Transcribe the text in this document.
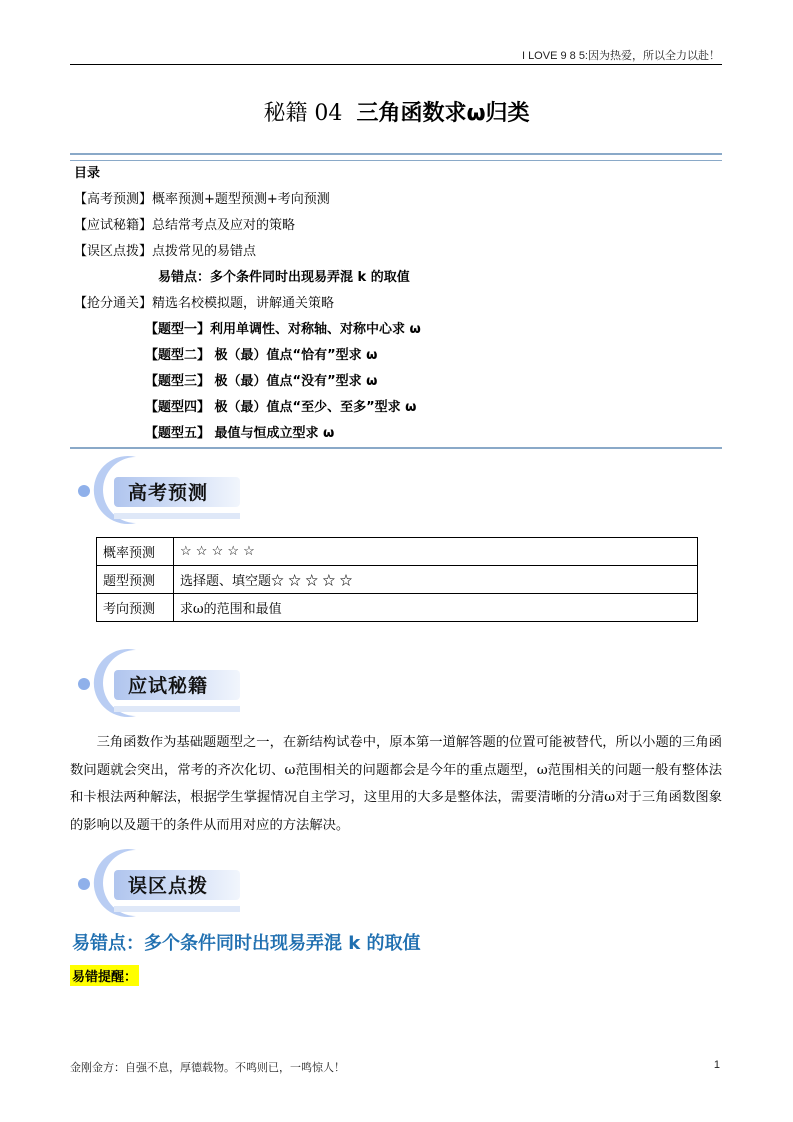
I LOVE 9 8 5:因为热爱，所以全力以赴！
秘籍 04 三角函数求ω归类
目录
【高考预测】概率预测+题型预测+考向预测
【应试秘籍】总结常考点及应对的策略
【误区点拨】点拨常见的易错点
易错点：多个条件同时出现易弄混 k 的取值
【抢分通关】精选名校模拟题，讲解通关策略
【题型一】利用单调性、对称轴、对称中心求 ω
【题型二】 极（最）值点“恰有”型求 ω
【题型三】 极（最）值点“没有”型求 ω
【题型四】 极（最）值点“至少、至多”型求 ω
【题型五】 最值与恒成立型求 ω
高考预测
概率预测	☆ ☆ ☆ ☆ ☆
题型预测	选择题、填空题☆ ☆ ☆ ☆ ☆
考向预测	求ω的范围和最值
应试秘籍
三角函数作为基础题题型之一，在新结构试卷中，原本第一道解答题的位置可能被替代，所以小题的三角函数问题就会突出，常考的齐次化切、ω范围相关的问题都会是今年的重点题型，ω范围相关的问题一般有整体法和卡根法两种解法，根据学生掌握情况自主学习，这里用的大多是整体法，需要清晰的分清ω对于三角函数图象的影响以及题干的条件从而用对应的方法解决。
误区点拨
易错点：多个条件同时出现易弄混 k 的取值
易错提醒：
金刚金方：自强不息，厚德载物。不鸣则已，一鸣惊人！	1
